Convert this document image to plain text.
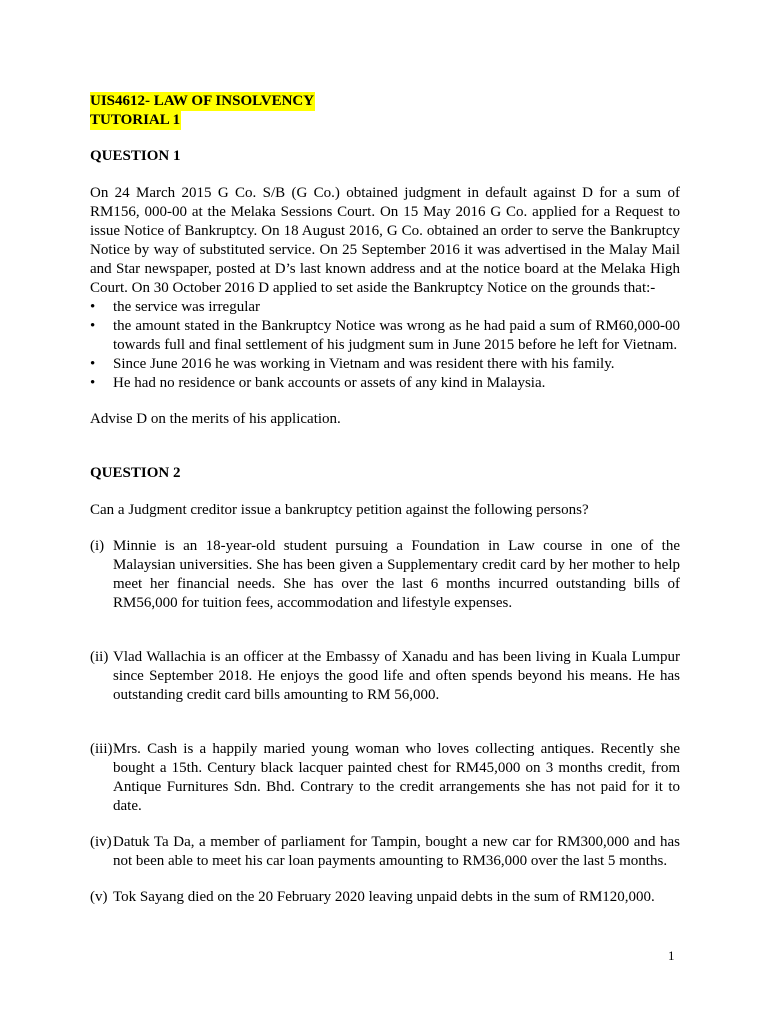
UIS4612- LAW OF INSOLVENCY
TUTORIAL 1
QUESTION 1

On 24 March 2015 G Co. S/B (G Co.) obtained judgment in default against D for a sum of RM156, 000-00 at the Melaka Sessions Court. On 15 May 2016 G Co. applied for a Request to issue Notice of Bankruptcy. On 18 August 2016, G Co. obtained an order to serve the Bankruptcy Notice by way of substituted service. On 25 September 2016 it was advertised in the Malay Mail and Star newspaper, posted at D’s last known address and at the notice board at the Melaka High Court. On 30 October 2016 D applied to set aside the Bankruptcy Notice on the grounds that:-

• the service was irregular
• the amount stated in the Bankruptcy Notice was wrong as he had paid a sum of RM60,000-00 towards full and final settlement of his judgment sum in June 2015 before he left for Vietnam.
• Since June 2016 he was working in Vietnam and was resident there with his family.
• He had no residence or bank accounts or assets of any kind in Malaysia.

Advise D on the merits of his application.

QUESTION 2

Can a Judgment creditor issue a bankruptcy petition against the following persons?

(i) Minnie is an 18-year-old student pursuing a Foundation in Law course in one of the Malaysian universities. She has been given a Supplementary credit card by her mother to help meet her financial needs. She has over the last 6 months incurred outstanding bills of RM56,000 for tuition fees, accommodation and lifestyle expenses.

(ii) Vlad Wallachia is an officer at the Embassy of Xanadu and has been living in Kuala Lumpur since September 2018. He enjoys the good life and often spends beyond his means. He has outstanding credit card bills amounting to RM 56,000.

(iii) Mrs. Cash is a happily maried young woman who loves collecting antiques. Recently she bought a 15th. Century black lacquer painted chest for RM45,000 on 3 months credit, from Antique Furnitures Sdn. Bhd. Contrary to the credit arrangements she has not paid for it to date.

(iv) Datuk Ta Da, a member of parliament for Tampin, bought a new car for RM300,000 and has not been able to meet his car loan payments amounting to RM36,000 over the last 5 months.

(v) Tok Sayang died on the 20 February 2020 leaving unpaid debts in the sum of RM120,000.

1
